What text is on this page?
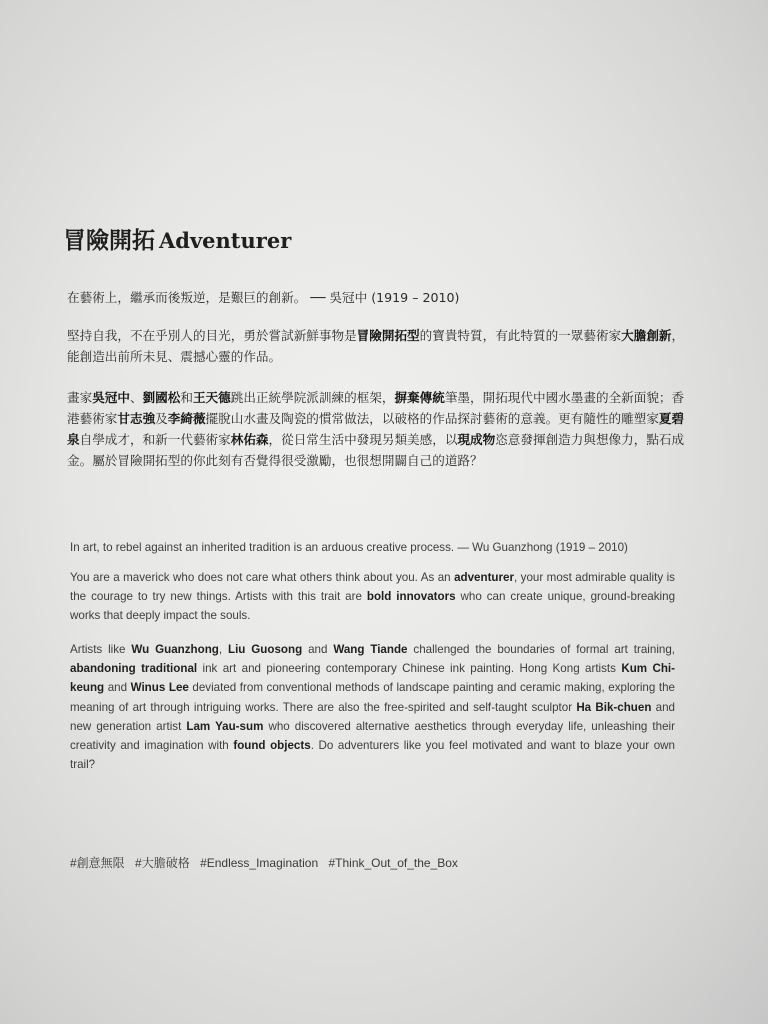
冒險開拓 Adventurer
在藝術上，繼承而後叛逆，是艱巨的創新。 ── 吳冠中 (1919 – 2010)
堅持自我，不在乎別人的目光，勇於嘗試新鮮事物是冒險開拓型的寶貴特質，有此特質的一眾藝術家大膽創新，能創造出前所未見、震撼心靈的作品。
畫家吳冠中、劉國松和王天德跳出正統學院派訓練的框架，摒棄傳統筆墨，開拓現代中國水墨畫的全新面貌；香港藝術家甘志強及李綺薇擺脫山水畫及陶瓷的慣常做法，以破格的作品探討藝術的意義。更有隨性的雕塑家夏碧泉自學成才，和新一代藝術家林佑森，從日常生活中發現另類美感，以現成物恣意發揮創造力與想像力，點石成金。屬於冒險開拓型的你此刻有否覺得很受激勵，也很想開闢自己的道路？
In art, to rebel against an inherited tradition is an arduous creative process. — Wu Guanzhong (1919 – 2010)
You are a maverick who does not care what others think about you. As an adventurer, your most admirable quality is the courage to try new things. Artists with this trait are bold innovators who can create unique, ground-breaking works that deeply impact the souls.
Artists like Wu Guanzhong, Liu Guosong and Wang Tiande challenged the boundaries of formal art training, abandoning traditional ink art and pioneering contemporary Chinese ink painting. Hong Kong artists Kum Chi-keung and Winus Lee deviated from conventional methods of landscape painting and ceramic making, exploring the meaning of art through intriguing works. There are also the free-spirited and self-taught sculptor Ha Bik-chuen and new generation artist Lam Yau-sum who discovered alternative aesthetics through everyday life, unleashing their creativity and imagination with found objects. Do adventurers like you feel motivated and want to blaze your own trail?
#創意無限 #大膽破格 #Endless_Imagination #Think_Out_of_the_Box
